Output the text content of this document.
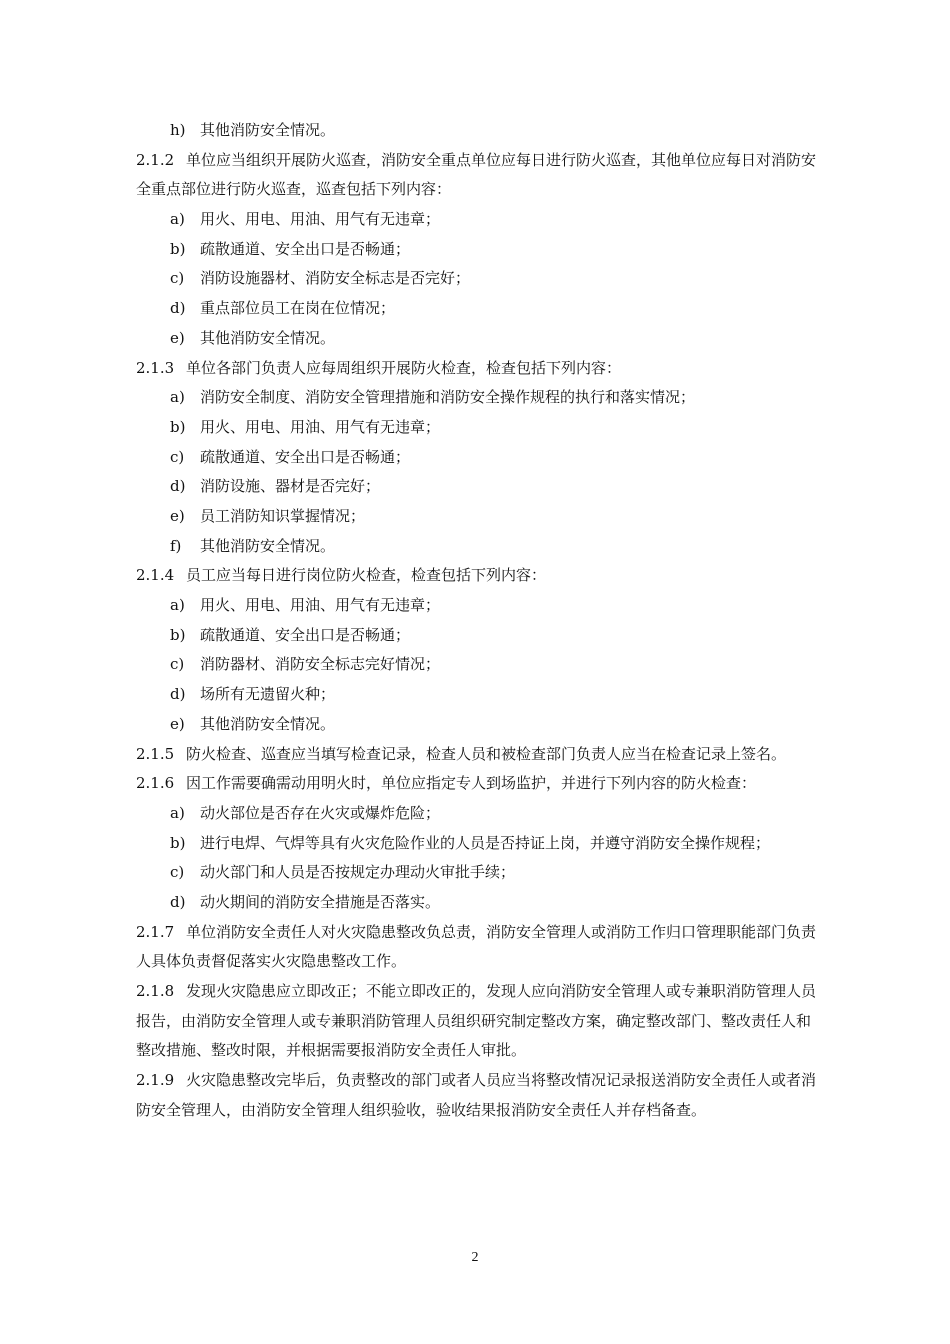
h) 其他消防安全情况。
2.1.2 单位应当组织开展防火巡查，消防安全重点单位应每日进行防火巡查，其他单位应每日对消防安全重点部位进行防火巡查，巡查包括下列内容：
a) 用火、用电、用油、用气有无违章；
b) 疏散通道、安全出口是否畅通；
c) 消防设施器材、消防安全标志是否完好；
d) 重点部位员工在岗在位情况；
e) 其他消防安全情况。
2.1.3 单位各部门负责人应每周组织开展防火检查，检查包括下列内容：
a) 消防安全制度、消防安全管理措施和消防安全操作规程的执行和落实情况；
b) 用火、用电、用油、用气有无违章；
c) 疏散通道、安全出口是否畅通；
d) 消防设施、器材是否完好；
e) 员工消防知识掌握情况；
f) 其他消防安全情况。
2.1.4 员工应当每日进行岗位防火检查，检查包括下列内容：
a) 用火、用电、用油、用气有无违章；
b) 疏散通道、安全出口是否畅通；
c) 消防器材、消防安全标志完好情况；
d) 场所有无遗留火种；
e) 其他消防安全情况。
2.1.5 防火检查、巡查应当填写检查记录，检查人员和被检查部门负责人应当在检查记录上签名。
2.1.6 因工作需要确需动用明火时，单位应指定专人到场监护，并进行下列内容的防火检查：
a) 动火部位是否存在火灾或爆炸危险；
b) 进行电焊、气焊等具有火灾危险作业的人员是否持证上岗，并遵守消防安全操作规程；
c) 动火部门和人员是否按规定办理动火审批手续；
d) 动火期间的消防安全措施是否落实。
2.1.7 单位消防安全责任人对火灾隐患整改负总责，消防安全管理人或消防工作归口管理职能部门负责人具体负责督促落实火灾隐患整改工作。
2.1.8 发现火灾隐患应立即改正；不能立即改正的，发现人应向消防安全管理人或专兼职消防管理人员报告，由消防安全管理人或专兼职消防管理人员组织研究制定整改方案，确定整改部门、整改责任人和整改措施、整改时限，并根据需要报消防安全责任人审批。
2.1.9 火灾隐患整改完毕后，负责整改的部门或者人员应当将整改情况记录报送消防安全责任人或者消防安全管理人，由消防安全管理人组织验收，验收结果报消防安全责任人并存档备查。
2
